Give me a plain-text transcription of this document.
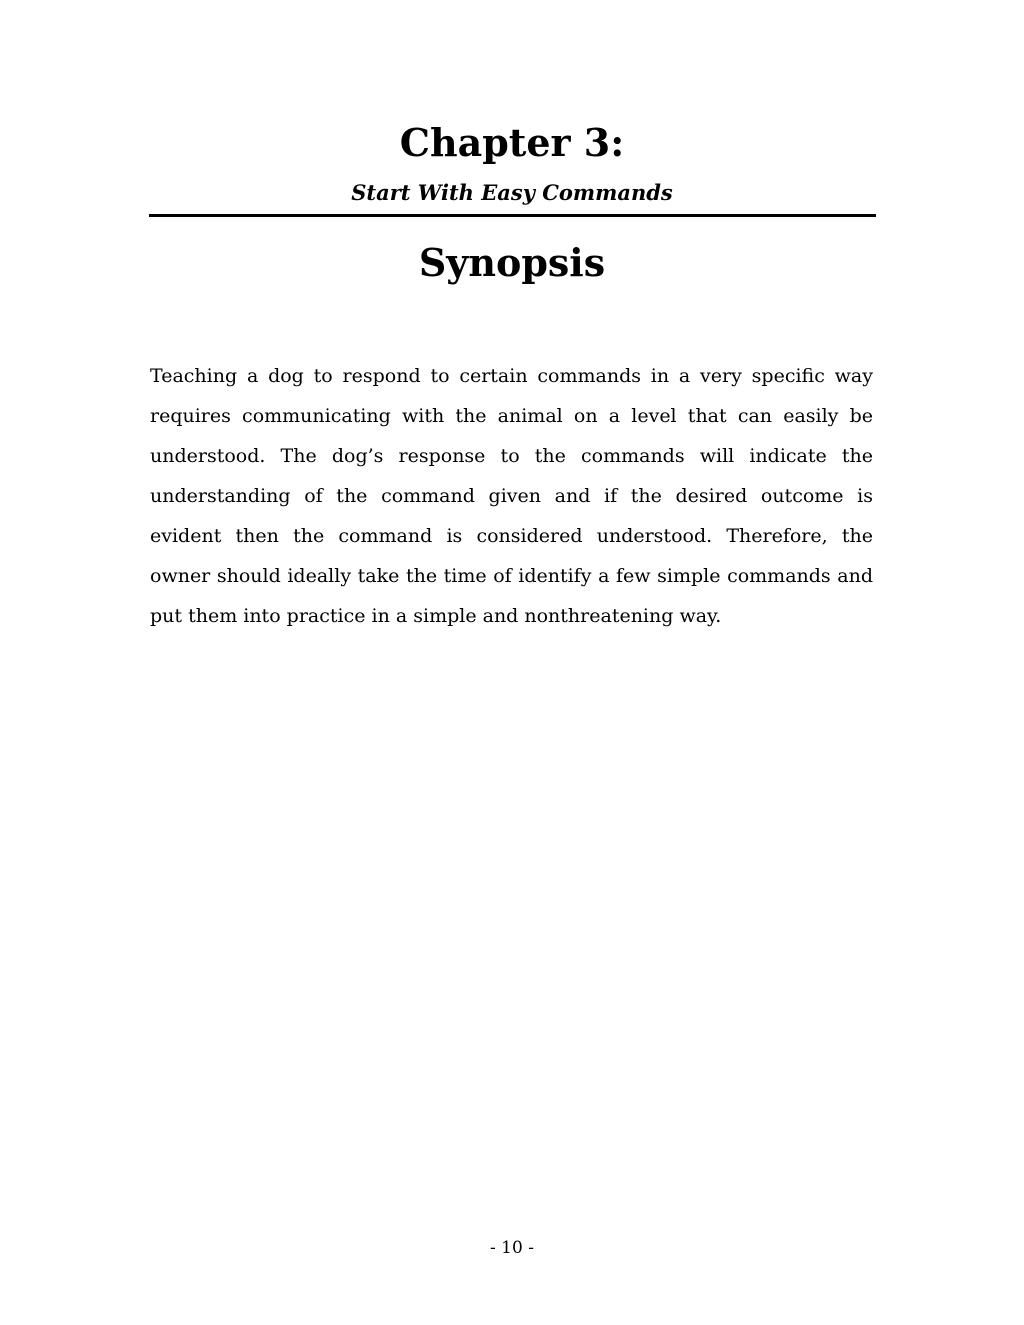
Chapter 3:
Start With Easy Commands
Synopsis

Teaching a dog to respond to certain commands in a very specific way requires communicating with the animal on a level that can easily be understood. The dog’s response to the commands will indicate the understanding of the command given and if the desired outcome is evident then the command is considered understood. Therefore, the owner should ideally take the time of identify a few simple commands and put them into practice in a simple and nonthreatening way.

- 10 -
